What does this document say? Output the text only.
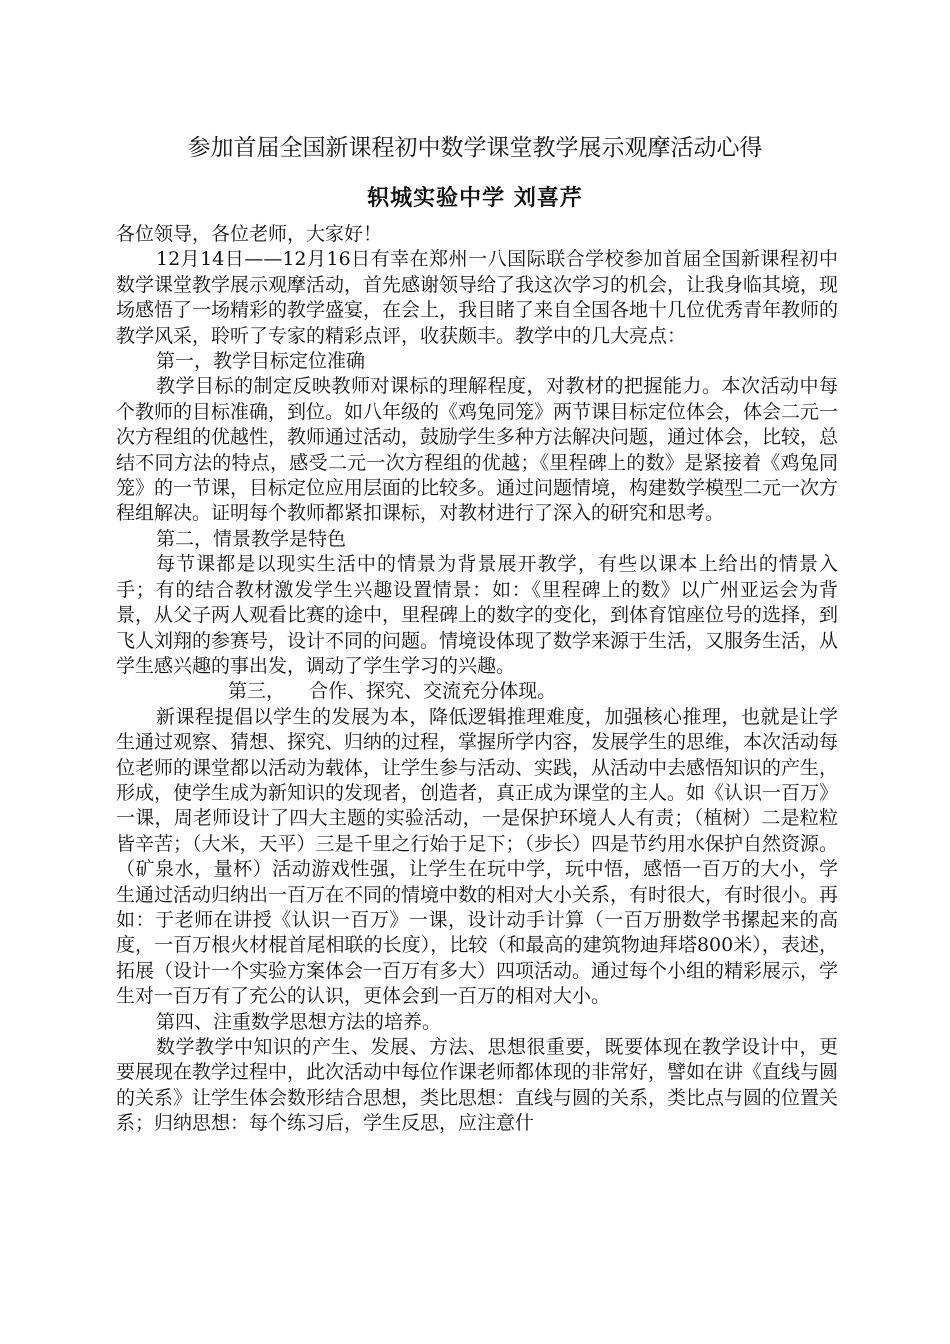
参加首届全国新课程初中数学课堂教学展示观摩活动心得
轵城实验中学 刘喜芹

各位领导，各位老师，大家好！

12月14日——12月16日有幸在郑州一八国际联合学校参加首届全国新课程初中数学课堂教学展示观摩活动，首先感谢领导给了我这次学习的机会，让我身临其境，现场感悟了一场精彩的教学盛宴，在会上，我目睹了来自全国各地十几位优秀青年教师的教学风采，聆听了专家的精彩点评，收获颇丰。教学中的几大亮点：

第一，教学目标定位准确

教学目标的制定反映教师对课标的理解程度，对教材的把握能力。本次活动中每个教师的目标准确，到位。如八年级的《鸡兔同笼》两节课目标定位体会，体会二元一次方程组的优越性，教师通过活动，鼓励学生多种方法解决问题，通过体会，比较，总结不同方法的特点，感受二元一次方程组的优越；《里程碑上的数》是紧接着《鸡兔同笼》的一节课，目标定位应用层面的比较多。通过问题情境，构建数学模型二元一次方程组解决。证明每个教师都紧扣课标，对教材进行了深入的研究和思考。

第二，情景教学是特色

每节课都是以现实生活中的情景为背景展开教学，有些以课本上给出的情景入手；有的结合教材激发学生兴趣设置情景：如：《里程碑上的数》以广州亚运会为背景，从父子两人观看比赛的途中，里程碑上的数字的变化，到体育馆座位号的选择，到飞人刘翔的参赛号，设计不同的问题。情境设体现了数学来源于生活，又服务生活，从学生感兴趣的事出发，调动了学生学习的兴趣。

第三，    合作、探究、交流充分体现。

新课程提倡以学生的发展为本，降低逻辑推理难度，加强核心推理，也就是让学生通过观察、猜想、探究、归纳的过程，掌握所学内容，发展学生的思维，本次活动每位老师的课堂都以活动为载体，让学生参与活动、实践，从活动中去感悟知识的产生，形成，使学生成为新知识的发现者，创造者，真正成为课堂的主人。如《认识一百万》一课，周老师设计了四大主题的实验活动，一是保护环境人人有责；（植树）二是粒粒皆辛苦；（大米，天平）三是千里之行始于足下；（步长）四是节约用水保护自然资源。（矿泉水，量杯）活动游戏性强，让学生在玩中学，玩中悟，感悟一百万的大小，学生通过活动归纳出一百万在不同的情境中数的相对大小关系，有时很大，有时很小。再如：于老师在讲授《认识一百万》一课，设计动手计算（一百万册数学书摞起来的高度，一百万根火材棍首尾相联的长度），比较（和最高的建筑物迪拜塔800米），表述，拓展（设计一个实验方案体会一百万有多大）四项活动。通过每个小组的精彩展示，学生对一百万有了充公的认识，更体会到一百万的相对大小。

第四、注重数学思想方法的培养。

数学教学中知识的产生、发展、方法、思想很重要，既要体现在教学设计中，更要展现在教学过程中，此次活动中每位作课老师都体现的非常好，譬如在讲《直线与圆的关系》让学生体会数形结合思想，类比思想：直线与圆的关系，类比点与圆的位置关系；归纳思想：每个练习后，学生反思，应注意什
